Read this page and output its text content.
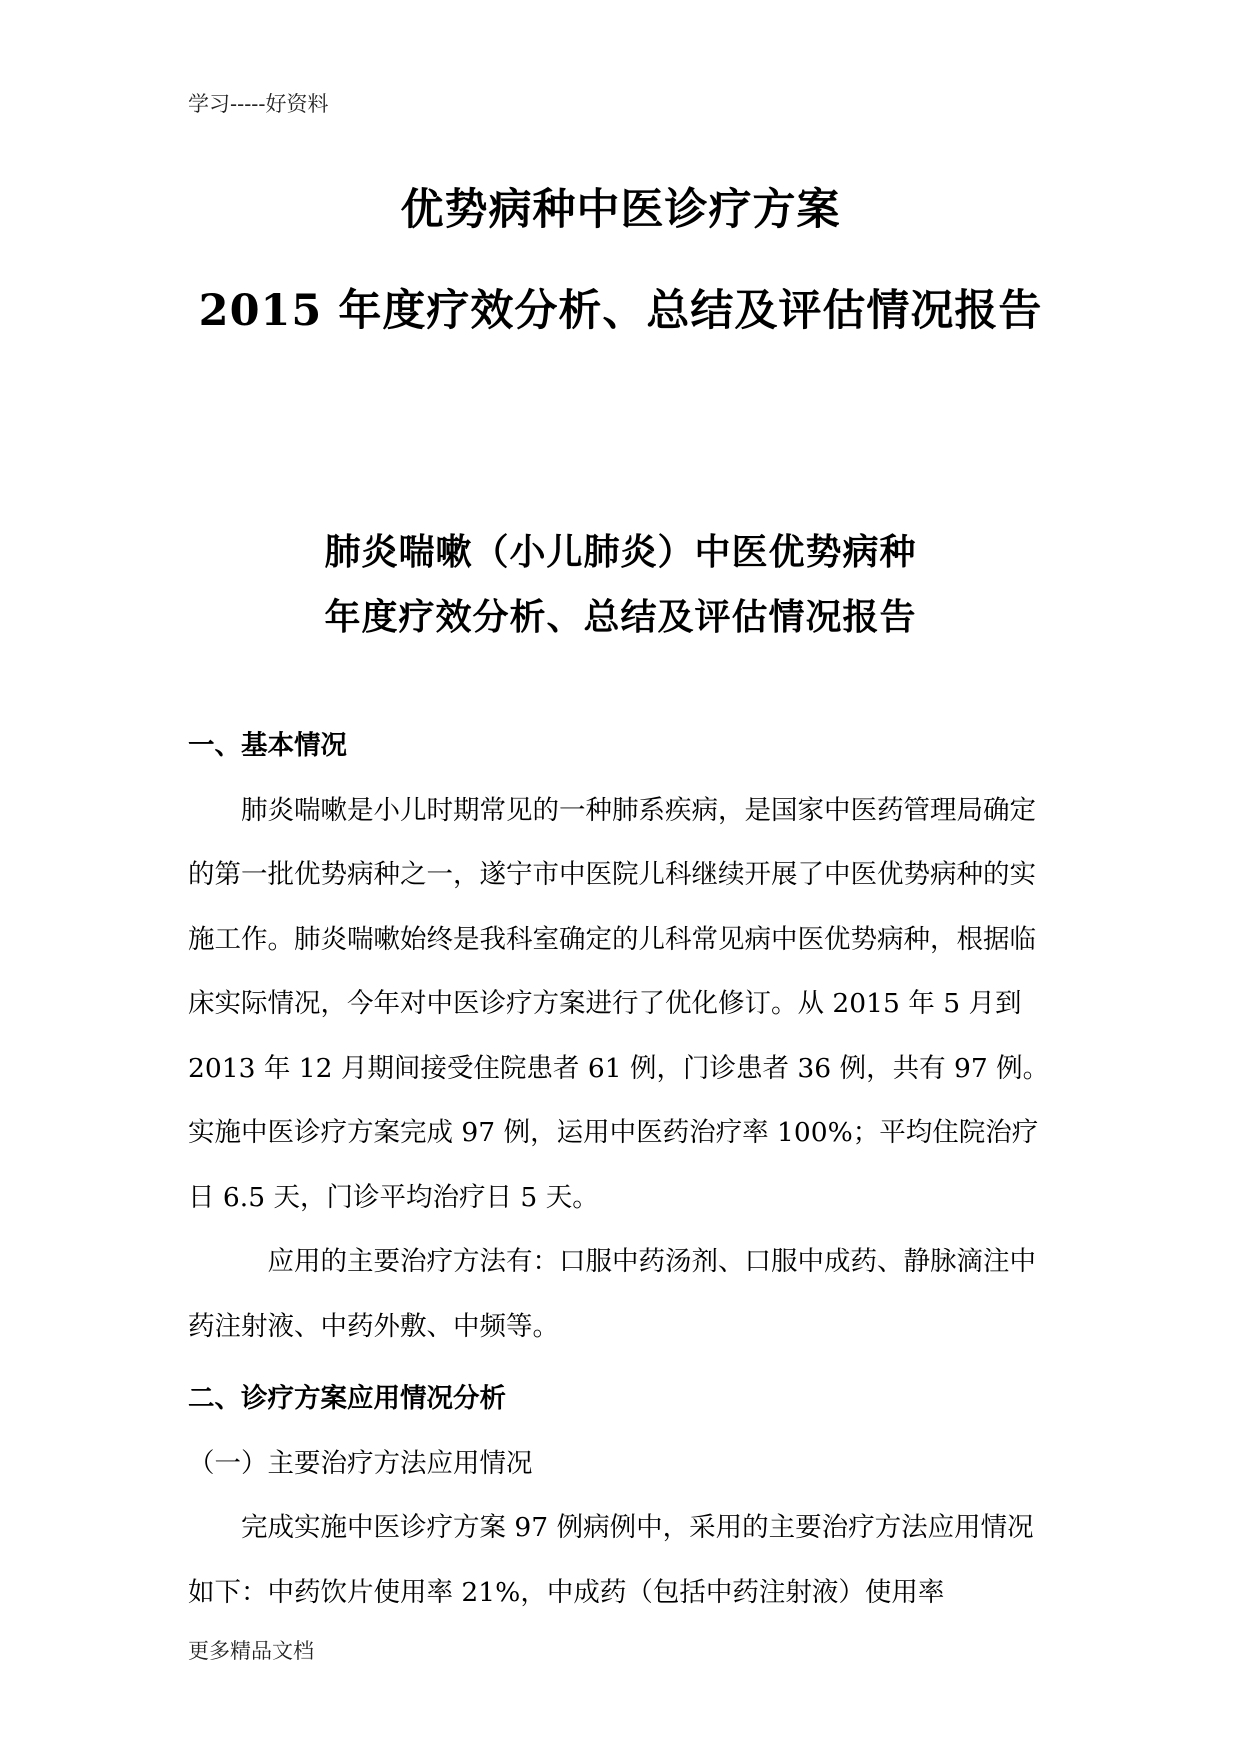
学习-----好资料
优势病种中医诊疗方案
2015 年度疗效分析、总结及评估情况报告
肺炎喘嗽（小儿肺炎）中医优势病种
年度疗效分析、总结及评估情况报告

一、基本情况

肺炎喘嗽是小儿时期常见的一种肺系疾病，是国家中医药管理局确定的第一批优势病种之一，遂宁市中医院儿科继续开展了中医优势病种的实施工作。肺炎喘嗽始终是我科室确定的儿科常见病中医优势病种，根据临床实际情况，今年对中医诊疗方案进行了优化修订。从 2015 年 5 月到 2013 年 12 月期间接受住院患者 61 例，门诊患者 36 例，共有 97 例。实施中医诊疗方案完成 97 例，运用中医药治疗率 100%；平均住院治疗日 6.5 天，门诊平均治疗日 5 天。

应用的主要治疗方法有：口服中药汤剂、口服中成药、静脉滴注中药注射液、中药外敷、中频等。

二、诊疗方案应用情况分析

（一）主要治疗方法应用情况

完成实施中医诊疗方案 97 例病例中，采用的主要治疗方法应用情况如下：中药饮片使用率 21%，中成药（包括中药注射液）使用率

更多精品文档
